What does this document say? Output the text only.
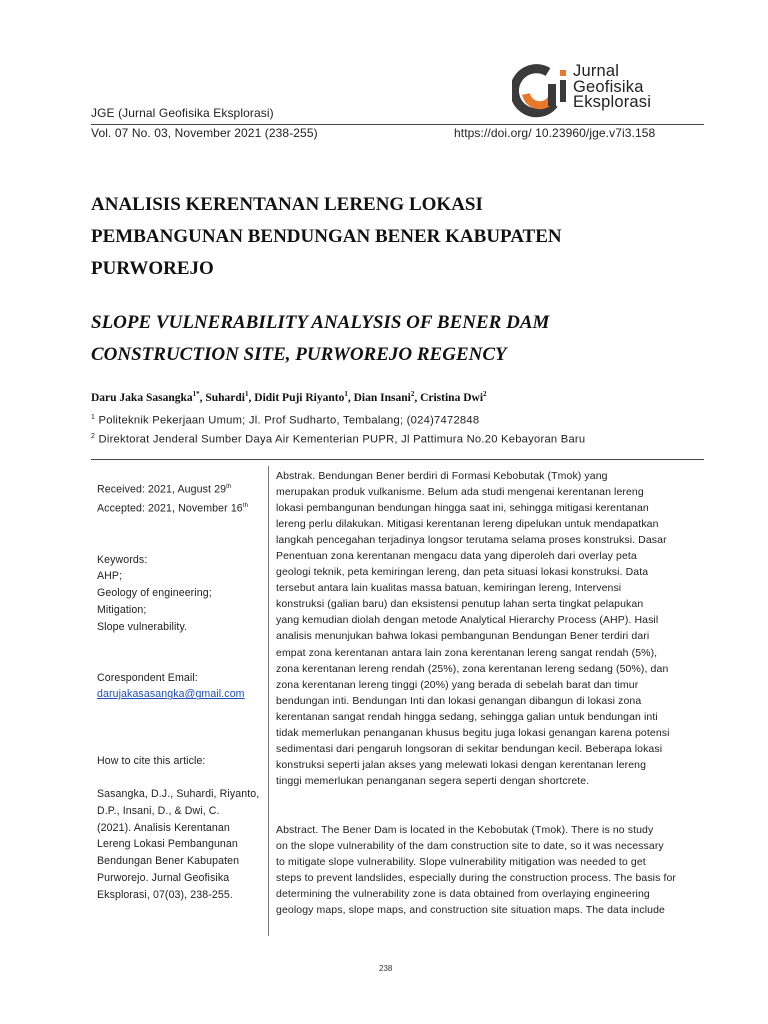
Jurnal
Geofisika
Eksplorasi
JGE (Jurnal Geofisika Eksplorasi)
Vol. 07 No. 03, November 2021 (238-255)	https://doi.org/ 10.23960/jge.v7i3.158
ANALISIS KERENTANAN LERENG LOKASI
PEMBANGUNAN BENDUNGAN BENER KABUPATEN
PURWOREJO
SLOPE VULNERABILITY ANALYSIS OF BENER DAM
CONSTRUCTION SITE, PURWOREJO REGENCY
Daru Jaka Sasangka$^{1*}$, Suhardi$^1$, Didit Puji Riyanto$^1$, Dian Insani$^2$, Cristina Dwi$^2$
$^1$ Politeknik Pekerjaan Umum; Jl. Prof Sudharto, Tembalang; (024)7472848
$^2$ Direktorat Jenderal Sumber Daya Air Kementerian PUPR, Jl Pattimura No.20 Kebayoran Baru
Received: 2021, August 29th
Accepted: 2021, November 16th
Keywords:
AHP;
Geology of engineering;
Mitigation;
Slope vulnerability.
Corespondent Email:
darujakasasangka@gmail.com
How to cite this article:
Sasangka, D.J., Suhardi, Riyanto,
D.P., Insani, D., & Dwi, C.
(2021). Analisis Kerentanan
Lereng Lokasi Pembangunan
Bendungan Bener Kabupaten
Purworejo. Jurnal Geofisika
Eksplorasi, 07(03), 238-255.
Abstrak. Bendungan Bener berdiri di Formasi Kebobutak (Tmok) yang
merupakan produk vulkanisme. Belum ada studi mengenai kerentanan lereng
lokasi pembangunan bendungan hingga saat ini, sehingga mitigasi kerentanan
lereng perlu dilakukan. Mitigasi kerentanan lereng dipelukan untuk mendapatkan
langkah pencegahan terjadinya longsor terutama selama proses konstruksi. Dasar
Penentuan zona kerentanan mengacu data yang diperoleh dari overlay peta
geologi teknik, peta kemiringan lereng, dan peta situasi lokasi konstruksi. Data
tersebut antara lain kualitas massa batuan, kemiringan lereng, Intervensi
konstruksi (galian baru) dan eksistensi penutup lahan serta tingkat pelapukan
yang kemudian diolah dengan metode Analytical Hierarchy Process (AHP). Hasil
analisis menunjukan bahwa lokasi pembangunan Bendungan Bener terdiri dari
empat zona kerentanan antara lain zona kerentanan lereng sangat rendah (5%),
zona kerentanan lereng rendah (25%), zona kerentanan lereng sedang (50%), dan
zona kerentanan lereng tinggi (20%) yang berada di sebelah barat dan timur
bendungan inti. Bendungan Inti dan lokasi genangan dibangun di lokasi zona
kerentanan sangat rendah hingga sedang, sehingga galian untuk bendungan inti
tidak memerlukan penanganan khusus begitu juga lokasi genangan karena potensi
sedimentasi dari pengaruh longsoran di sekitar bendungan kecil. Beberapa lokasi
konstruksi seperti jalan akses yang melewati lokasi dengan kerentanan lereng
tinggi memerlukan penanganan segera seperti dengan shortcrete.
Abstract. The Bener Dam is located in the Kebobutak (Tmok). There is no study
on the slope vulnerability of the dam construction site to date, so it was necessary
to mitigate slope vulnerability. Slope vulnerability mitigation was needed to get
steps to prevent landslides, especially during the construction process. The basis for
determining the vulnerability zone is data obtained from overlaying engineering
geology maps, slope maps, and construction site situation maps. The data include
238
